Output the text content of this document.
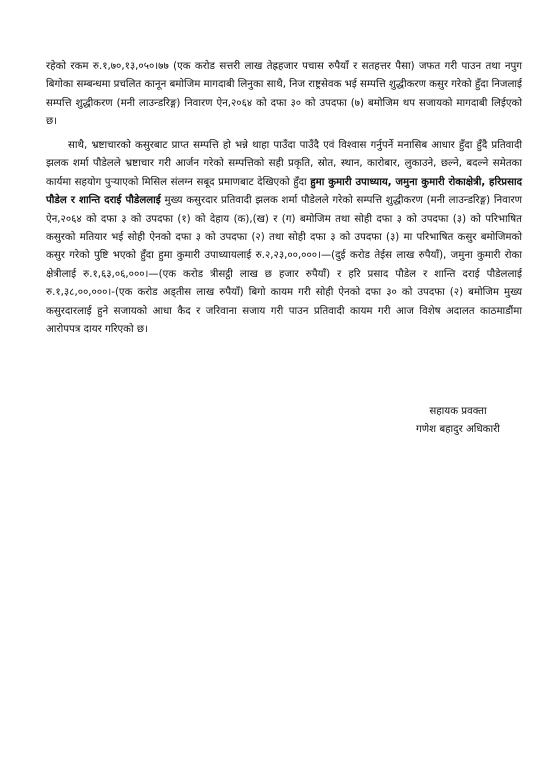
रहेको रकम रु.१,७०,१३,०५०।७७ (एक करोड सत्तरी लाख तेह्रहजार पचास रुपैयाँ र सतहत्तर पैसा) जफत गरी पाउन तथा नपुग बिगोका सम्बन्धमा प्रचलित कानून बमोजिम मागदाबी लिनुका साथै, निज राष्ट्रसेवक भई सम्पत्ति शुद्धीकरण कसुर गरेको हुँदा निजलाई सम्पत्ति शुद्धीकरण (मनी लाउन्डरिङ्ग) निवारण ऐन,२०६४ को दफा ३० को उपदफा (७) बमोजिम थप सजायको मागदाबी लिईएको छ।

साथै, भ्रष्टाचारको कसुरबाट प्राप्त सम्पत्ति हो भन्ने थाहा पाउँदा पाउँदै एवं विश्वास गर्नुपर्ने मनासिब आधार हुँदा हुँदै प्रतिवादी झलक शर्मा पौडेलले भ्रष्टाचार गरी आर्जन गरेको सम्पत्तिको सही प्रकृति, स्रोत, स्थान, कारोबार, लुकाउने, छल्ने, बदल्ने समेतका कार्यमा सहयोग पुऱ्याएको मिसिल संलग्न सबूद प्रमाणबाट देखिएको हुँदा हुमा कुमारी उपाध्याय, जमुना कुमारी रोकाक्षेत्री, हरिप्रसाद पौडेल र शान्ति दराई पौडेललाई मुख्य कसुरदार प्रतिवादी झलक शर्मा पौडेलले गरेको सम्पत्ति शुद्धीकरण (मनी लाउन्डरिङ्ग) निवारण ऐन,२०६४ को दफा ३ को उपदफा (१) को देहाय (क),(ख) र (ग) बमोजिम तथा सोही दफा ३ को उपदफा (३) को परिभाषित कसुरको मतियार भई सोही ऐनको दफा ३ को उपदफा (२) तथा सोही दफा ३ को उपदफा (३) मा परिभाषित कसुर बमोजिमको कसुर गरेको पुष्टि भएको हुँदा हुमा कुमारी उपाध्यायलाई रु.२,२३,००,०००।—(दुई करोड तेईस लाख रुपैयाँ), जमुना कुमारी रोका क्षेत्रीलाई रु.१,६३,०६,०००।—(एक करोड त्रीसट्ठी लाख छ हजार रुपैयाँ) र हरि प्रसाद पौडेल र शान्ति दराई पौडेललाई रु.१,३८,००,०००।-(एक करोड अड्तीस लाख रुपैयाँ) बिगो कायम गरी सोही ऐनको दफा ३० को उपदफा (२) बमोजिम मुख्य कसुरदारलाई हुने सजायको आधा कैद र जरिवाना सजाय गरी पाउन प्रतिवादी कायम गरी आज विशेष अदालत काठमाडौंमा आरोपपत्र दायर गरिएको छ।

सहायक प्रवक्ता
गणेश बहादुर अधिकारी
